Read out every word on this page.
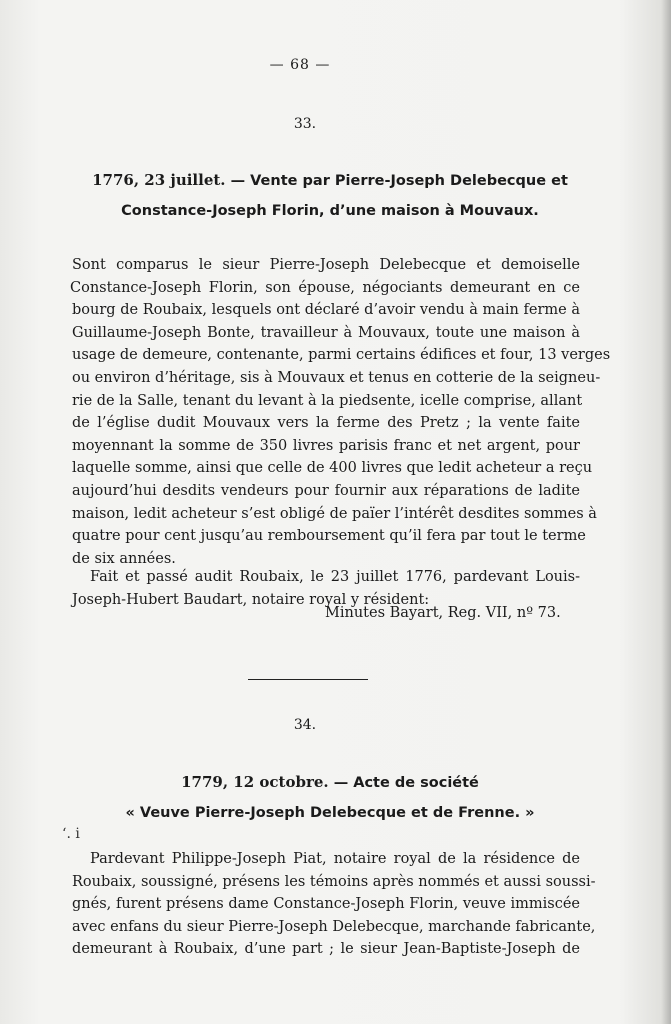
— 68 —
33.
1776, 23 juillet. — Vente par Pierre-Joseph Delebecque et
Constance-Joseph Florin, d’une maison à Mouvaux.
Sont comparus le sieur Pierre-Joseph Delebecque et demoiselle
Constance-Joseph Florin, son épouse, négociants demeurant en ce
bourg de Roubaix, lesquels ont déclaré d’avoir vendu à main ferme à
Guillaume-Joseph Bonte, travailleur à Mouvaux, toute une maison à
usage de demeure, contenante, parmi certains édifices et four, 13 verges
ou environ d’héritage, sis à Mouvaux et tenus en cotterie de la seigneu-
rie de la Salle, tenant du levant à la piedsente, icelle comprise, allant
de l’église dudit Mouvaux vers la ferme des Pretz ; la vente faite
moyennant la somme de 350 livres parisis franc et net argent, pour
laquelle somme, ainsi que celle de 400 livres que ledit acheteur a reçu
aujourd’hui desdits vendeurs pour fournir aux réparations de ladite
maison, ledit acheteur s’est obligé de païer l’intérêt desdites sommes à
quatre pour cent jusqu’au remboursement qu’il fera par tout le terme
de six années.
Fait et passé audit Roubaix, le 23 juillet 1776, pardevant Louis-
Joseph-Hubert Baudart, notaire royal y résident:
Minutes Bayart, Reg. VII, nº 73.
34.
1779, 12 octobre. — Acte de société
« Veuve Pierre-Joseph Delebecque et de Frenne. »
ʻ. i
Pardevant Philippe-Joseph Piat, notaire royal de la résidence de
Roubaix, soussigné, présens les témoins après nommés et aussi soussi-
gnés, furent présens dame Constance-Joseph Florin, veuve immiscée
avec enfans du sieur Pierre-Joseph Delebecque, marchande fabricante,
demeurant à Roubaix, d’une part ; le sieur Jean-Baptiste-Joseph de
